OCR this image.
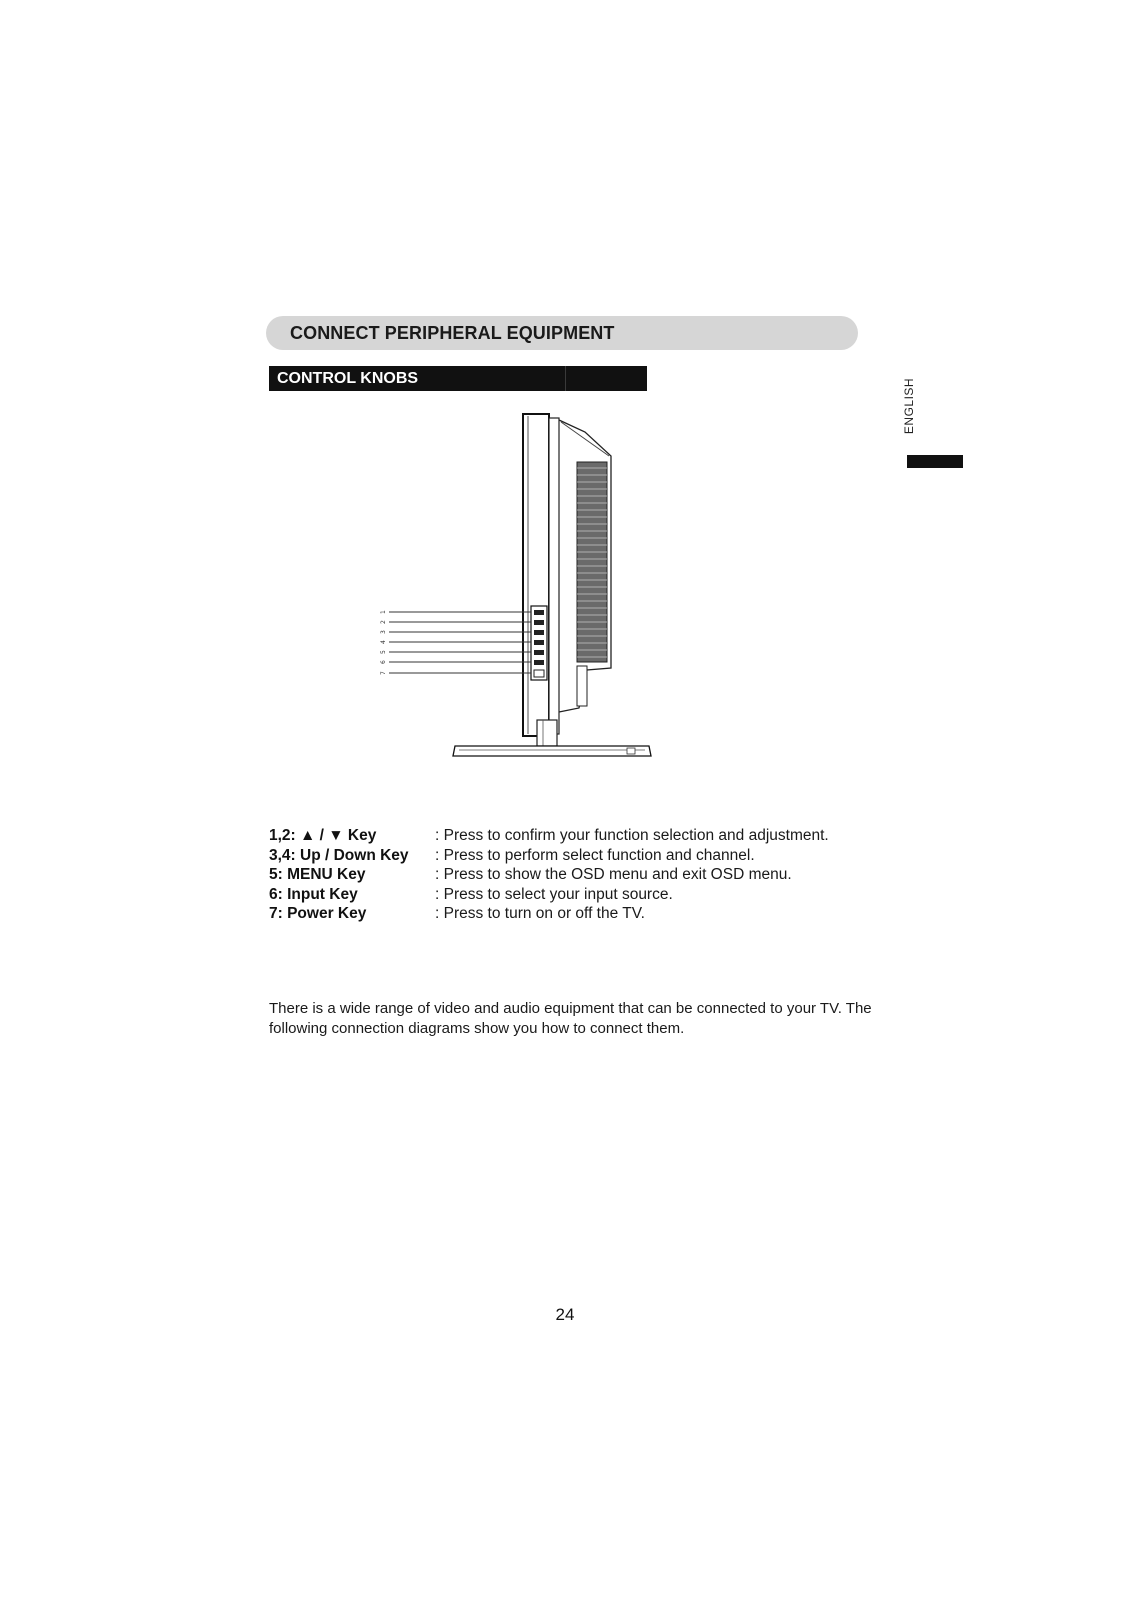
CONNECT PERIPHERAL EQUIPMENT
CONTROL KNOBS	ENGLISH
1
2
3
4
5
6
7
1,2: ▲ / ▼ Key	: Press to confirm your function selection and adjustment.
3,4: Up / Down Key	: Press to perform select function and channel.
5: MENU Key	: Press to show the OSD menu and exit OSD menu.
6: Input Key	: Press to select your input source.
7: Power Key	: Press to turn on or off the TV.

There is a wide range of video and audio equipment that can be connected to your TV. The following connection diagrams show you how to connect them.

24
